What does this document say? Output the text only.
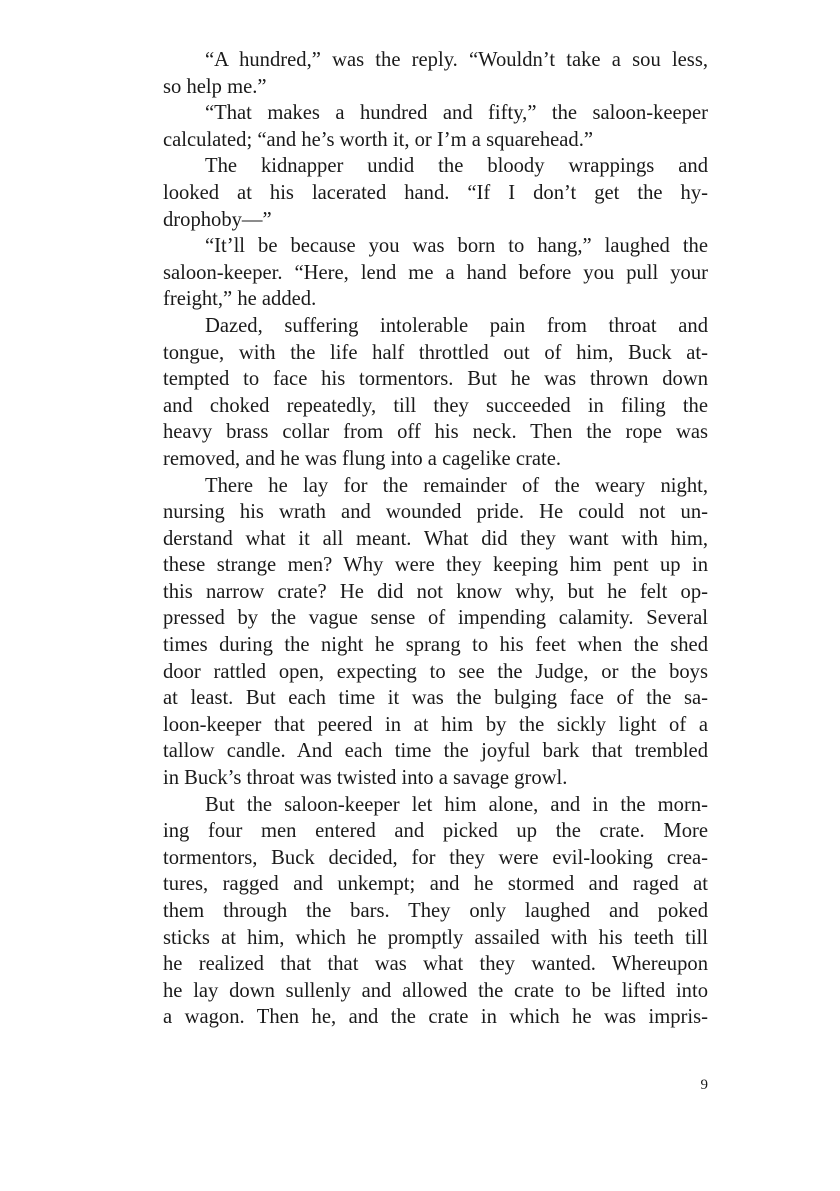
“A hundred,” was the reply. “Wouldn’t take a sou less,
so help me.”
“That makes a hundred and fifty,” the saloon-keeper
calculated; “and he’s worth it, or I’m a squarehead.”
The kidnapper undid the bloody wrappings and
looked at his lacerated hand. “If I don’t get the hy-
drophoby—”
“It’ll be because you was born to hang,” laughed the
saloon-keeper. “Here, lend me a hand before you pull your
freight,” he added.
Dazed, suffering intolerable pain from throat and
tongue, with the life half throttled out of him, Buck at-
tempted to face his tormentors. But he was thrown down
and choked repeatedly, till they succeeded in filing the
heavy brass collar from off his neck. Then the rope was
removed, and he was flung into a cagelike crate.
There he lay for the remainder of the weary night,
nursing his wrath and wounded pride. He could not un-
derstand what it all meant. What did they want with him,
these strange men? Why were they keeping him pent up in
this narrow crate? He did not know why, but he felt op-
pressed by the vague sense of impending calamity. Several
times during the night he sprang to his feet when the shed
door rattled open, expecting to see the Judge, or the boys
at least. But each time it was the bulging face of the sa-
loon-keeper that peered in at him by the sickly light of a
tallow candle. And each time the joyful bark that trembled
in Buck’s throat was twisted into a savage growl.
But the saloon-keeper let him alone, and in the morn-
ing four men entered and picked up the crate. More
tormentors, Buck decided, for they were evil-looking crea-
tures, ragged and unkempt; and he stormed and raged at
them through the bars. They only laughed and poked
sticks at him, which he promptly assailed with his teeth till
he realized that that was what they wanted. Whereupon
he lay down sullenly and allowed the crate to be lifted into
a wagon. Then he, and the crate in which he was impris-
9
